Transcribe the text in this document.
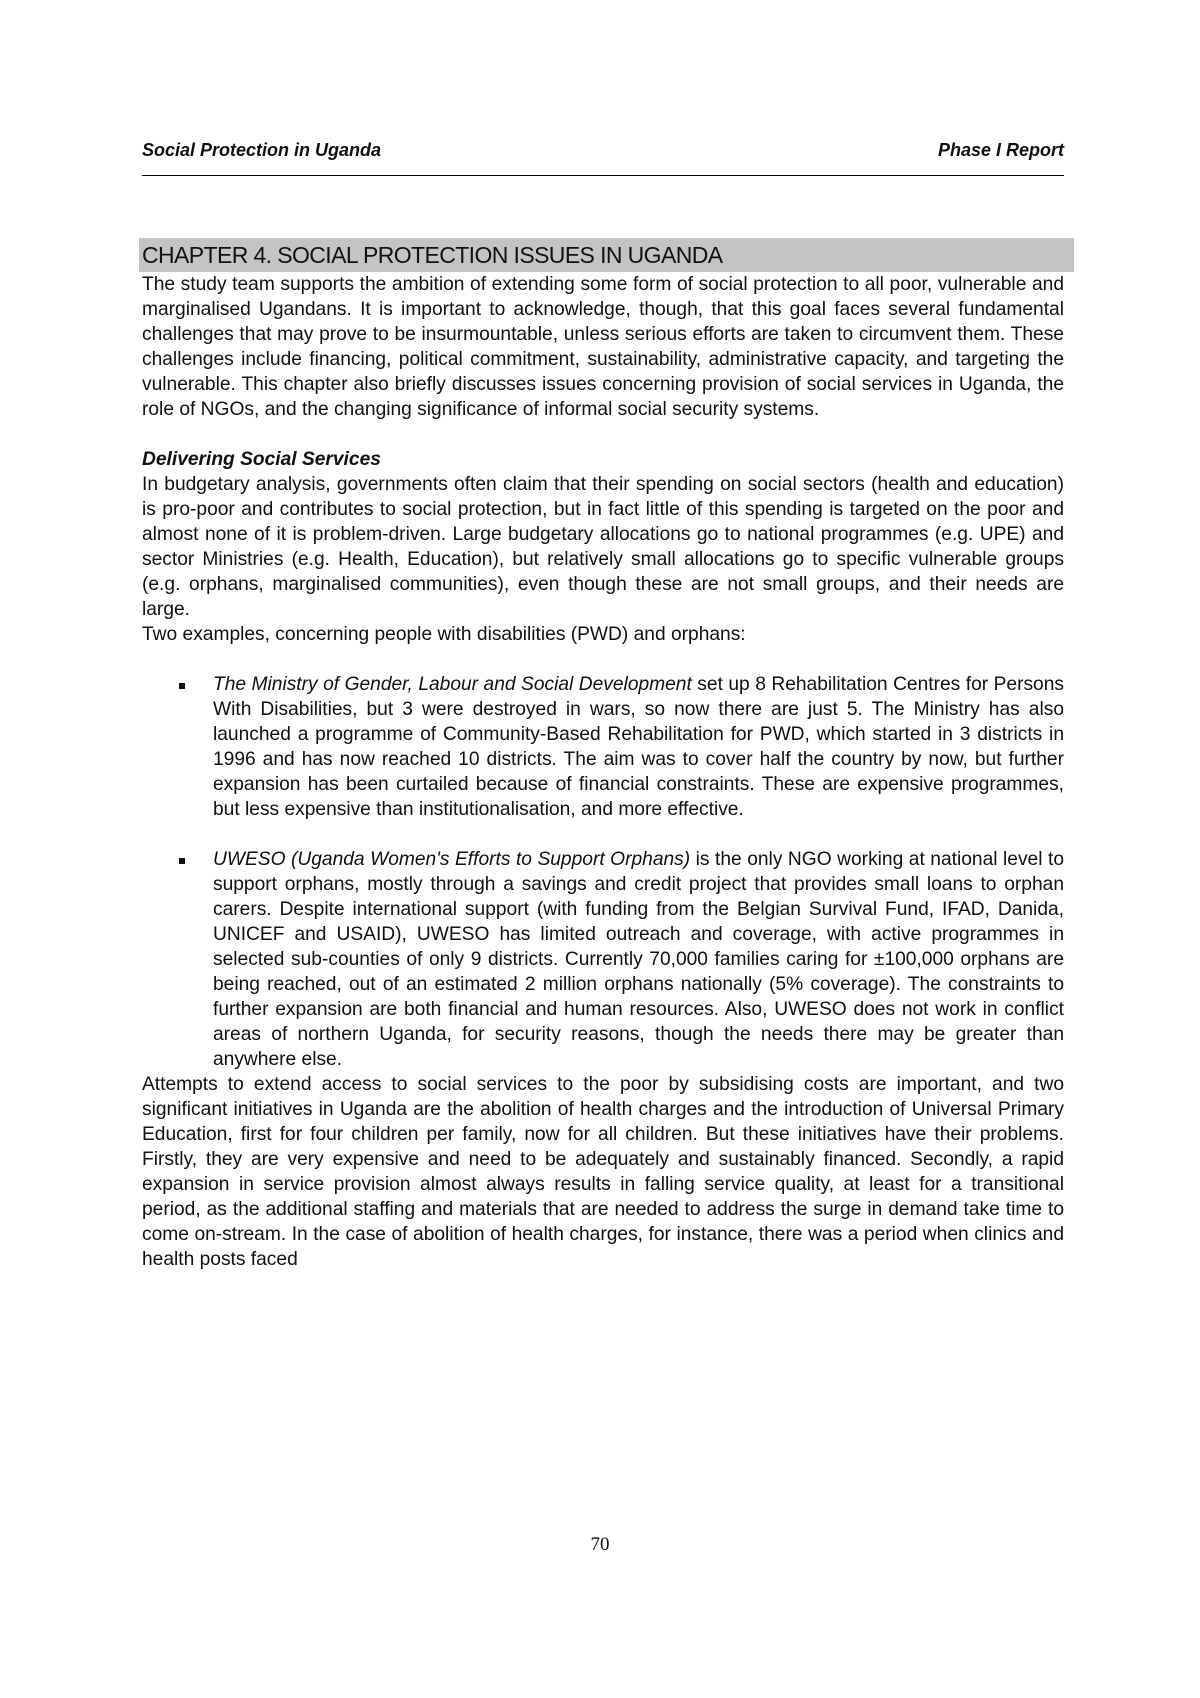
Social Protection in Uganda	Phase I Report
CHAPTER 4. SOCIAL PROTECTION ISSUES IN UGANDA

The study team supports the ambition of extending some form of social protection to all poor, vulnerable and marginalised Ugandans. It is important to acknowledge, though, that this goal faces several fundamental challenges that may prove to be insurmountable, unless serious efforts are taken to circumvent them. These challenges include financing, political commitment, sustainability, administrative capacity, and targeting the vulnerable. This chapter also briefly discusses issues concerning provision of social services in Uganda, the role of NGOs, and the changing significance of informal social security systems.

Delivering Social Services

In budgetary analysis, governments often claim that their spending on social sectors (health and education) is pro-poor and contributes to social protection, but in fact little of this spending is targeted on the poor and almost none of it is problem-driven. Large budgetary allocations go to national programmes (e.g. UPE) and sector Ministries (e.g. Health, Education), but relatively small allocations go to specific vulnerable groups (e.g. orphans, marginalised communities), even though these are not small groups, and their needs are large.

Two examples, concerning people with disabilities (PWD) and orphans:

The Ministry of Gender, Labour and Social Development set up 8 Rehabilitation Centres for Persons With Disabilities, but 3 were destroyed in wars, so now there are just 5. The Ministry has also launched a programme of Community-Based Rehabilitation for PWD, which started in 3 districts in 1996 and has now reached 10 districts. The aim was to cover half the country by now, but further expansion has been curtailed because of financial constraints. These are expensive programmes, but less expensive than institutionalisation, and more effective.
UWESO (Uganda Women's Efforts to Support Orphans) is the only NGO working at national level to support orphans, mostly through a savings and credit project that provides small loans to orphan carers. Despite international support (with funding from the Belgian Survival Fund, IFAD, Danida, UNICEF and USAID), UWESO has limited outreach and coverage, with active programmes in selected sub-counties of only 9 districts. Currently 70,000 families caring for ±100,000 orphans are being reached, out of an estimated 2 million orphans nationally (5% coverage). The constraints to further expansion are both financial and human resources. Also, UWESO does not work in conflict areas of northern Uganda, for security reasons, though the needs there may be greater than anywhere else.

Attempts to extend access to social services to the poor by subsidising costs are important, and two significant initiatives in Uganda are the abolition of health charges and the introduction of Universal Primary Education, first for four children per family, now for all children. But these initiatives have their problems. Firstly, they are very expensive and need to be adequately and sustainably financed. Secondly, a rapid expansion in service provision almost always results in falling service quality, at least for a transitional period, as the additional staffing and materials that are needed to address the surge in demand take time to come on-stream. In the case of abolition of health charges, for instance, there was a period when clinics and health posts faced

70
